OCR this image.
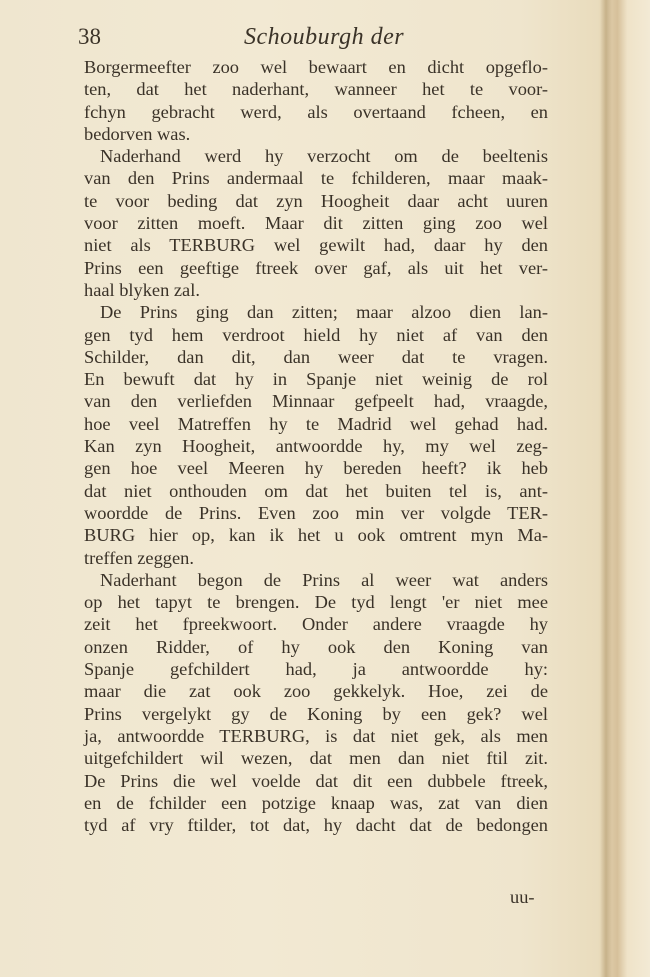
38	Schouburgh der
Borgermeefter zoo wel bewaart en dicht opgeflo-
ten, dat het naderhant, wanneer het te voor-
fchyn gebracht werd, als overtaand fcheen, en
bedorven was.
Naderhand werd hy verzocht om de beeltenis
van den Prins andermaal te fchilderen, maar maak-
te voor beding dat zyn Hoogheit daar acht uuren
voor zitten moeft. Maar dit zitten ging zoo wel
niet als TERBURG wel gewilt had, daar hy den
Prins een geeftige ftreek over gaf, als uit het ver-
haal blyken zal.
De Prins ging dan zitten; maar alzoo dien lan-
gen tyd hem verdroot hield hy niet af van den
Schilder, dan dit, dan weer dat te vragen.
En bewuft dat hy in Spanje niet weinig de rol
van den verliefden Minnaar gefpeelt had, vraagde,
hoe veel Matreffen hy te Madrid wel gehad had.
Kan zyn Hoogheit, antwoordde hy, my wel zeg-
gen hoe veel Meeren hy bereden heeft? ik heb
dat niet onthouden om dat het buiten tel is, ant-
woordde de Prins. Even zoo min ver volgde TER-
BURG hier op, kan ik het u ook omtrent myn Ma-
treffen zeggen.
Naderhant begon de Prins al weer wat anders
op het tapyt te brengen. De tyd lengt 'er niet mee
zeit het fpreekwoort. Onder andere vraagde hy
onzen Ridder, of hy ook den Koning van
Spanje gefchildert had, ja antwoordde hy:
maar die zat ook zoo gekkelyk. Hoe, zei de
Prins vergelykt gy de Koning by een gek? wel
ja, antwoordde TERBURG, is dat niet gek, als men
uitgefchildert wil wezen, dat men dan niet ftil zit.
De Prins die wel voelde dat dit een dubbele ftreek,
en de fchilder een potzige knaap was, zat van dien
tyd af vry ftilder, tot dat, hy dacht dat de bedongen
uu-
